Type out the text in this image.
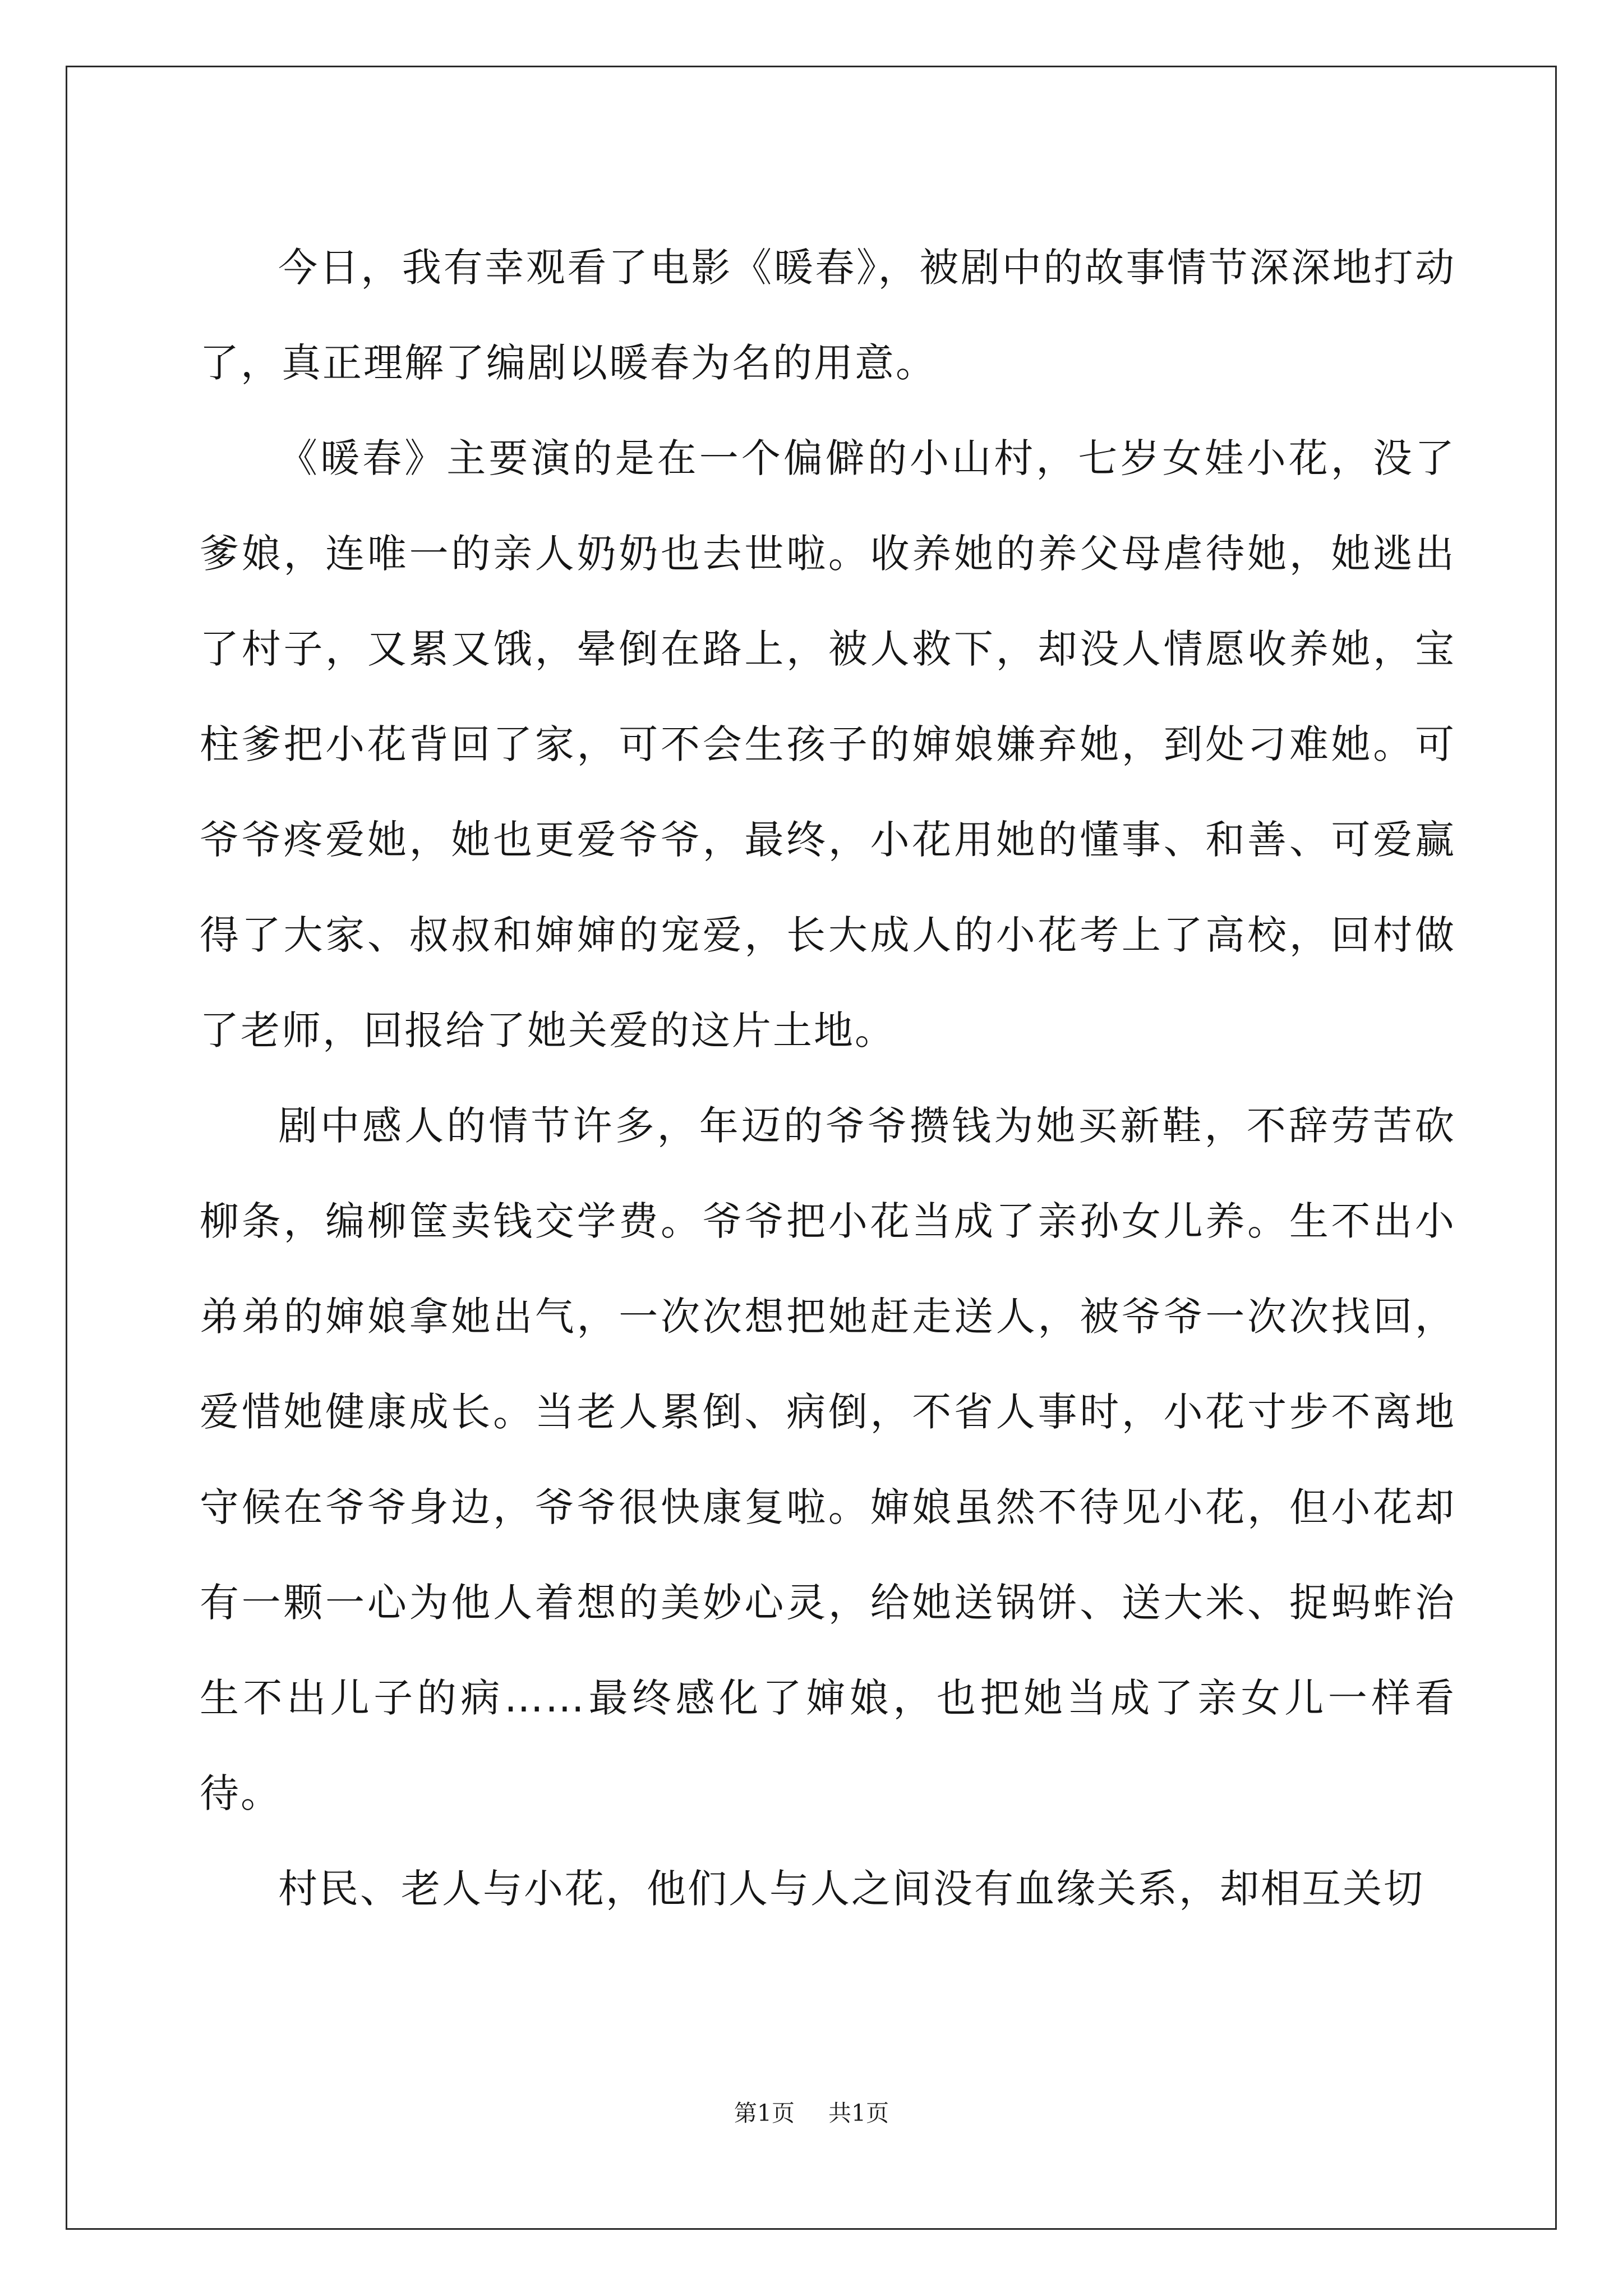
今日，我有幸观看了电影《暖春》，被剧中的故事情节深深地打动了，真正理解了编剧以暖春为名的用意。

《暖春》主要演的是在一个偏僻的小山村，七岁女娃小花，没了爹娘，连唯一的亲人奶奶也去世啦。收养她的养父母虐待她，她逃出了村子，又累又饿，晕倒在路上，被人救下，却没人情愿收养她，宝柱爹把小花背回了家，可不会生孩子的婶娘嫌弃她，到处刁难她。可爷爷疼爱她，她也更爱爷爷，最终，小花用她的懂事、和善、可爱赢得了大家、叔叔和婶婶的宠爱，长大成人的小花考上了高校，回村做了老师，回报给了她关爱的这片土地。

剧中感人的情节许多，年迈的爷爷攒钱为她买新鞋，不辞劳苦砍柳条，编柳筐卖钱交学费。爷爷把小花当成了亲孙女儿养。生不出小弟弟的婶娘拿她出气，一次次想把她赶走送人，被爷爷一次次找回，爱惜她健康成长。当老人累倒、病倒，不省人事时，小花寸步不离地守候在爷爷身边，爷爷很快康复啦。婶娘虽然不待见小花，但小花却有一颗一心为他人着想的美妙心灵，给她送锅饼、送大米、捉蚂蚱治生不出儿子的病……最终感化了婶娘，也把她当成了亲女儿一样看待。

村民、老人与小花，他们人与人之间没有血缘关系，却相互关切

第1页 共1页
